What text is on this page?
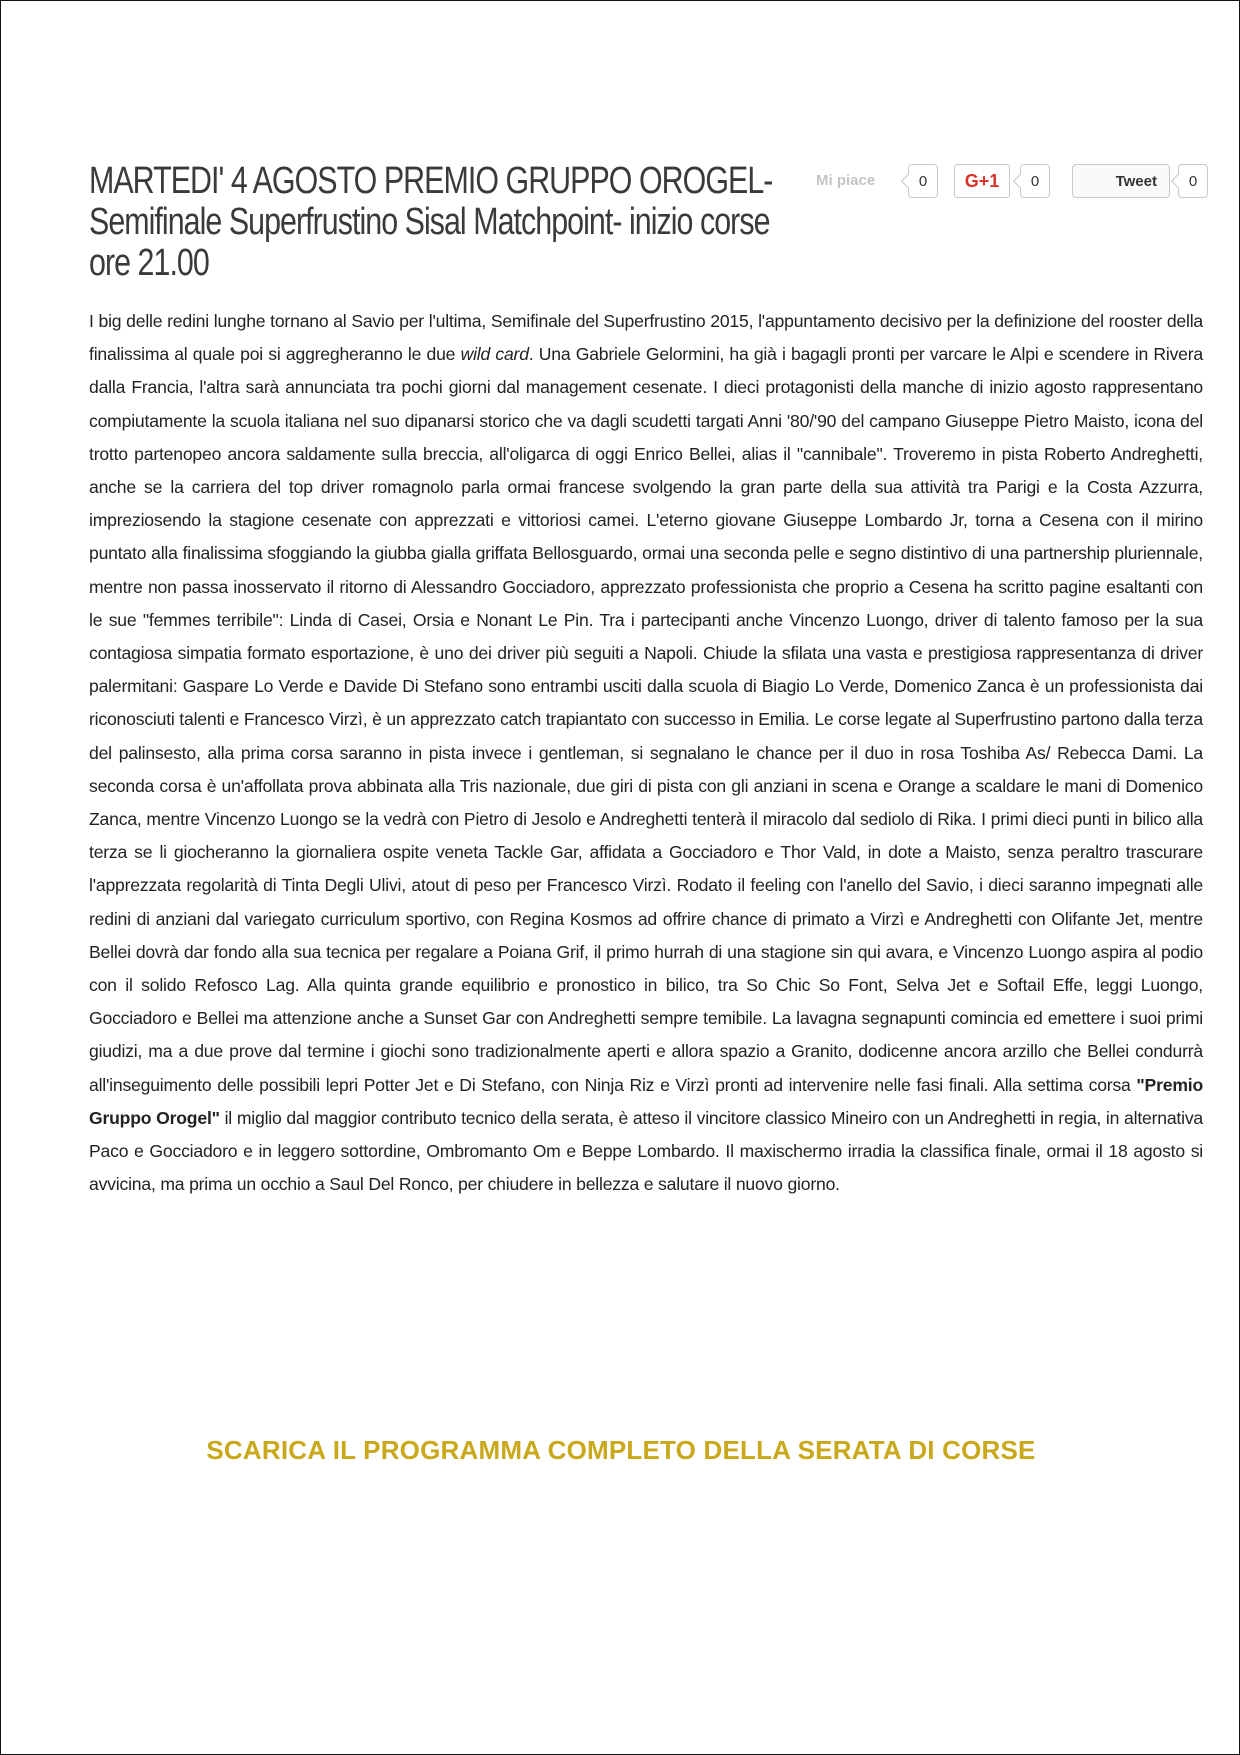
MARTEDI' 4 AGOSTO PREMIO GRUPPO OROGEL- Semifinale Superfrustino Sisal Matchpoint- inizio corse ore 21.00
Mi piace	0	G+1	0	Tweet	0

I big delle redini lunghe tornano al Savio per l'ultima, Semifinale del Superfrustino 2015, l'appuntamento decisivo per la definizione del rooster della finalissima al quale poi si aggregheranno le due wild card. Una Gabriele Gelormini, ha già i bagagli pronti per varcare le Alpi e scendere in Rivera dalla Francia, l'altra sarà annunciata tra pochi giorni dal management cesenate. I dieci protagonisti della manche di inizio agosto rappresentano compiutamente la scuola italiana nel suo dipanarsi storico che va dagli scudetti targati Anni '80/'90 del campano Giuseppe Pietro Maisto, icona del trotto partenopeo ancora saldamente sulla breccia, all'oligarca di oggi Enrico Bellei, alias il "cannibale". Troveremo in pista Roberto Andreghetti, anche se la carriera del top driver romagnolo parla ormai francese svolgendo la gran parte della sua attività tra Parigi e la Costa Azzurra, impreziosendo la stagione cesenate con apprezzati e vittoriosi camei. L'eterno giovane Giuseppe Lombardo Jr, torna a Cesena con il mirino puntato alla finalissima sfoggiando la giubba gialla griffata Bellosguardo, ormai una seconda pelle e segno distintivo di una partnership pluriennale, mentre non passa inosservato il ritorno di Alessandro Gocciadoro, apprezzato professionista che proprio a Cesena ha scritto pagine esaltanti con le sue "femmes terribile": Linda di Casei, Orsia e Nonant Le Pin. Tra i partecipanti anche Vincenzo Luongo, driver di talento famoso per la sua contagiosa simpatia formato esportazione, è uno dei driver più seguiti a Napoli. Chiude la sfilata una vasta e prestigiosa rappresentanza di driver palermitani: Gaspare Lo Verde e Davide Di Stefano sono entrambi usciti dalla scuola di Biagio Lo Verde, Domenico Zanca è un professionista dai riconosciuti talenti e Francesco Virzì, è un apprezzato catch trapiantato con successo in Emilia. Le corse legate al Superfrustino partono dalla terza del palinsesto, alla prima corsa saranno in pista invece i gentleman, si segnalano le chance per il duo in rosa Toshiba As/ Rebecca Dami. La seconda corsa è un'affollata prova abbinata alla Tris nazionale, due giri di pista con gli anziani in scena e Orange a scaldare le mani di Domenico Zanca, mentre Vincenzo Luongo se la vedrà con Pietro di Jesolo e Andreghetti tenterà il miracolo dal sediolo di Rika. I primi dieci punti in bilico alla terza se li giocheranno la giornaliera ospite veneta Tackle Gar, affidata a Gocciadoro e Thor Vald, in dote a Maisto, senza peraltro trascurare l'apprezzata regolarità di Tinta Degli Ulivi, atout di peso per Francesco Virzì. Rodato il feeling con l'anello del Savio, i dieci saranno impegnati alle redini di anziani dal variegato curriculum sportivo, con Regina Kosmos ad offrire chance di primato a Virzì e Andreghetti con Olifante Jet, mentre Bellei dovrà dar fondo alla sua tecnica per regalare a Poiana Grif, il primo hurrah di una stagione sin qui avara, e Vincenzo Luongo aspira al podio con il solido Refosco Lag. Alla quinta grande equilibrio e pronostico in bilico, tra So Chic So Font, Selva Jet e Softail Effe, leggi Luongo, Gocciadoro e Bellei ma attenzione anche a Sunset Gar con Andreghetti sempre temibile. La lavagna segnapunti comincia ed emettere i suoi primi giudizi, ma a due prove dal termine i giochi sono tradizionalmente aperti e allora spazio a Granito, dodicenne ancora arzillo che Bellei condurrà all'inseguimento delle possibili lepri Potter Jet e Di Stefano, con Ninja Riz e Virzì pronti ad intervenire nelle fasi finali. Alla settima corsa "Premio Gruppo Orogel" il miglio dal maggior contributo tecnico della serata, è atteso il vincitore classico Mineiro con un Andreghetti in regia, in alternativa Paco e Gocciadoro e in leggero sottordine, Ombromanto Om e Beppe Lombardo. Il maxischermo irradia la classifica finale, ormai il 18 agosto si avvicina, ma prima un occhio a Saul Del Ronco, per chiudere in bellezza e salutare il nuovo giorno.

SCARICA IL PROGRAMMA COMPLETO DELLA SERATA DI CORSE
